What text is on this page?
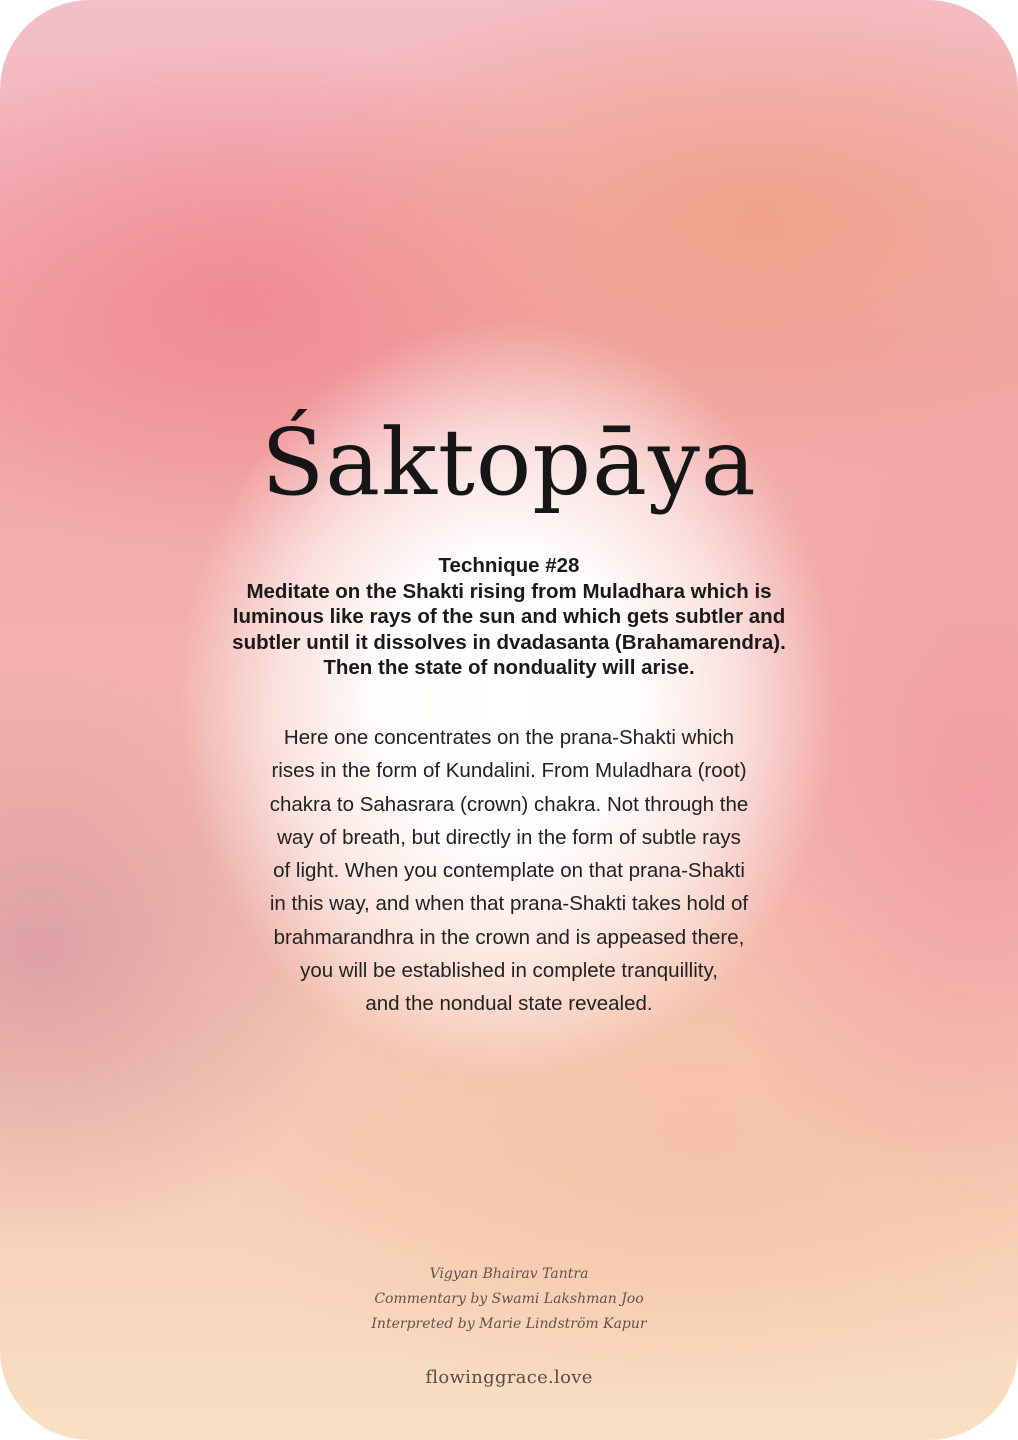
Śaktopāya
Technique #28
Meditate on the Shakti rising from Muladhara which is luminous like rays of the sun and which gets subtler and subtler until it dissolves in dvadasanta (Brahamarendra). Then the state of nonduality will arise.
Here one concentrates on the prana-Shakti which
rises in the form of Kundalini. From Muladhara (root)
chakra to Sahasrara (crown) chakra. Not through the
way of breath, but directly in the form of subtle rays
of light. When you contemplate on that prana-Shakti
in this way, and when that prana-Shakti takes hold of
brahmarandhra in the crown and is appeased there,
you will be established in complete tranquillity,
and the nondual state revealed.
Vigyan Bhairav Tantra
Commentary by Swami Lakshman Joo
Interpreted by Marie Lindström Kapur
flowinggrace.love
